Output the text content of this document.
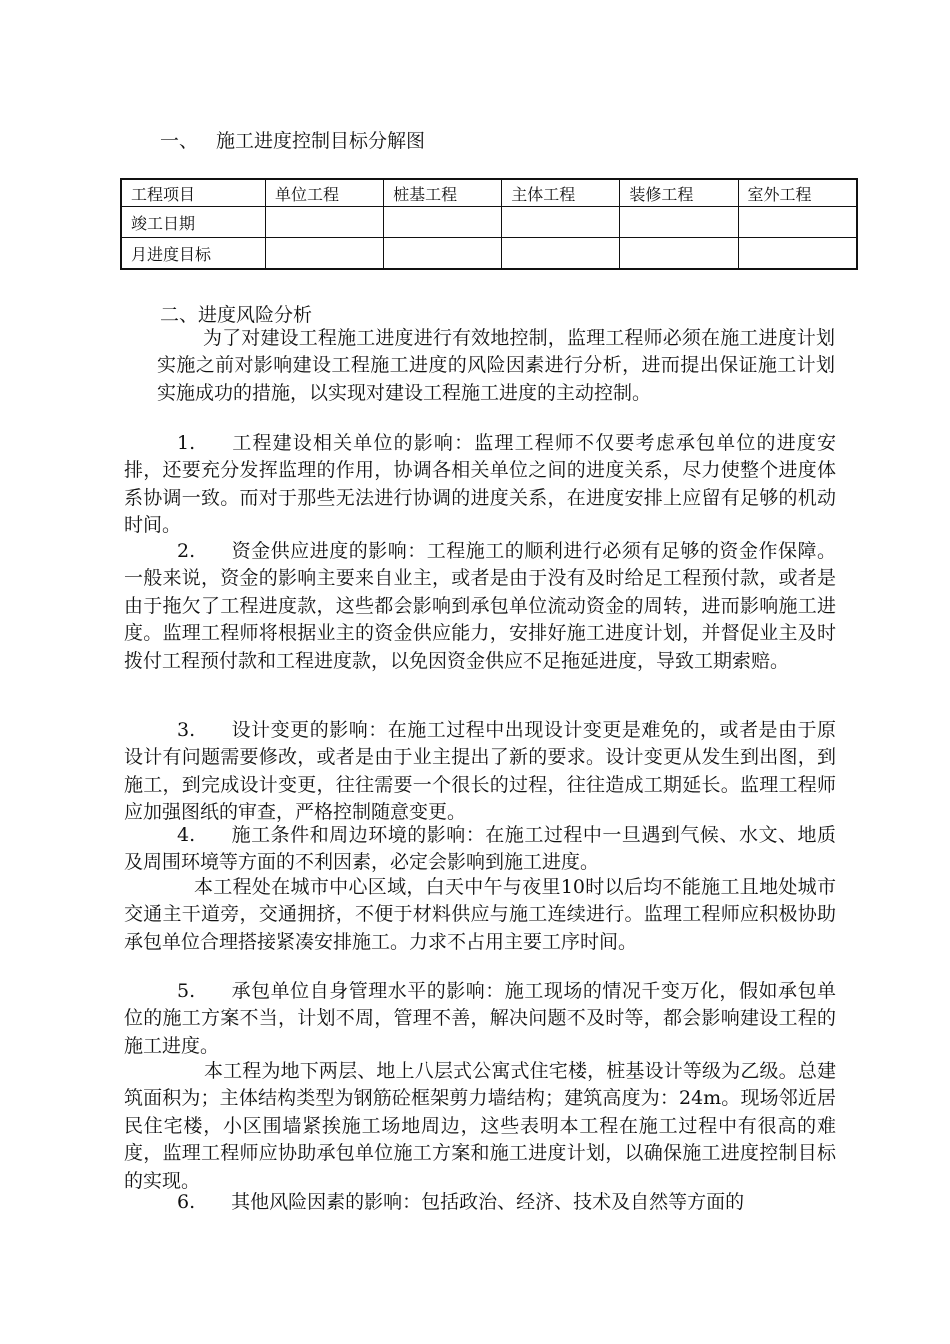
一、 施工进度控制目标分解图
工程项目	单位工程	桩基工程	主体工程	装修工程	室外工程
竣工日期					
月进度目标					
二、进度风险分析

为了对建设工程施工进度进行有效地控制，监理工程师必须在施工进度计划实施之前对影响建设工程施工进度的风险因素进行分析，进而提出保证施工计划实施成功的措施，以实现对建设工程施工进度的主动控制。

1. 工程建设相关单位的影响：监理工程师不仅要考虑承包单位的进度安排，还要充分发挥监理的作用，协调各相关单位之间的进度关系，尽力使整个进度体系协调一致。而对于那些无法进行协调的进度关系，在进度安排上应留有足够的机动时间。

2. 资金供应进度的影响：工程施工的顺利进行必须有足够的资金作保障。一般来说，资金的影响主要来自业主，或者是由于没有及时给足工程预付款，或者是由于拖欠了工程进度款，这些都会影响到承包单位流动资金的周转，进而影响施工进度。监理工程师将根据业主的资金供应能力，安排好施工进度计划，并督促业主及时拨付工程预付款和工程进度款，以免因资金供应不足拖延进度，导致工期索赔。

3. 设计变更的影响：在施工过程中出现设计变更是难免的，或者是由于原设计有问题需要修改，或者是由于业主提出了新的要求。设计变更从发生到出图，到施工，到完成设计变更，往往需要一个很长的过程，往往造成工期延长。监理工程师应加强图纸的审查，严格控制随意变更。

4. 施工条件和周边环境的影响：在施工过程中一旦遇到气候、水文、地质及周围环境等方面的不利因素，必定会影响到施工进度。

本工程处在城市中心区域，白天中午与夜里10时以后均不能施工且地处城市交通主干道旁，交通拥挤，不便于材料供应与施工连续进行。监理工程师应积极协助承包单位合理搭接紧凑安排施工。力求不占用主要工序时间。

5. 承包单位自身管理水平的影响：施工现场的情况千变万化，假如承包单位的施工方案不当，计划不周，管理不善，解决问题不及时等，都会影响建设工程的施工进度。

本工程为地下两层、地上八层式公寓式住宅楼，桩基设计等级为乙级。总建筑面积为；主体结构类型为钢筋砼框架剪力墙结构；建筑高度为：24m。现场邻近居民住宅楼，小区围墙紧挨施工场地周边，这些表明本工程在施工过程中有很高的难度，监理工程师应协助承包单位施工方案和施工进度计划，以确保施工进度控制目标的实现。

6. 其他风险因素的影响：包括政治、经济、技术及自然等方面的
